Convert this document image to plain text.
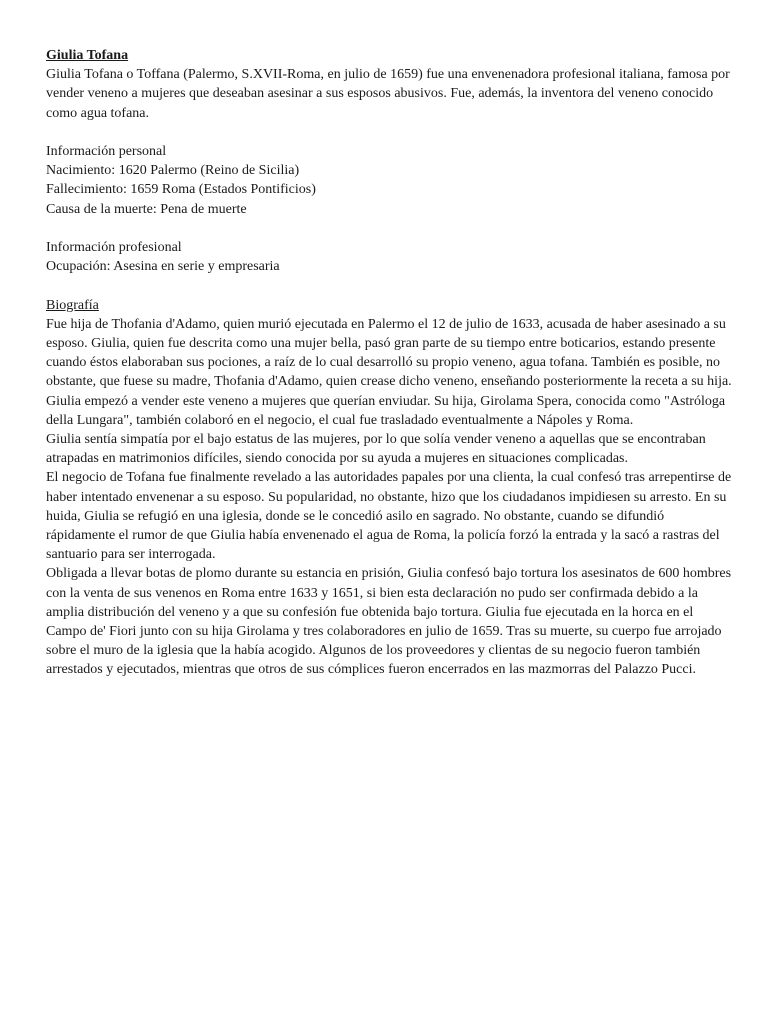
Giulia Tofana

Giulia Tofana o Toffana (Palermo, S.XVII-Roma, en julio de 1659) fue una envenenadora profesional italiana, famosa por vender veneno a mujeres que deseaban asesinar a sus esposos abusivos. Fue, además, la inventora del veneno conocido como agua tofana.

Información personal

Nacimiento: 1620 Palermo (Reino de Sicilia)

Fallecimiento: 1659 Roma (Estados Pontificios)

Causa de la muerte: Pena de muerte

Información profesional

Ocupación: Asesina en serie y empresaria

Biografía

Fue hija de Thofania d'Adamo, quien murió ejecutada en Palermo el 12 de julio de 1633, acusada de haber asesinado a su esposo. Giulia, quien fue descrita como una mujer bella, pasó gran parte de su tiempo entre boticarios, estando presente cuando éstos elaboraban sus pociones, a raíz de lo cual desarrolló su propio veneno, agua tofana. También es posible, no obstante, que fuese su madre, Thofania d'Adamo, quien crease dicho veneno, enseñando posteriormente la receta a su hija. Giulia empezó a vender este veneno a mujeres que querían enviudar. Su hija, Girolama Spera, conocida como "Astróloga della Lungara", también colaboró en el negocio, el cual fue trasladado eventualmente a Nápoles y Roma.

Giulia sentía simpatía por el bajo estatus de las mujeres, por lo que solía vender veneno a aquellas que se encontraban atrapadas en matrimonios difíciles, siendo conocida por su ayuda a mujeres en situaciones complicadas.

El negocio de Tofana fue finalmente revelado a las autoridades papales por una clienta, la cual confesó tras arrepentirse de haber intentado envenenar a su esposo. Su popularidad, no obstante, hizo que los ciudadanos impidiesen su arresto. En su huida, Giulia se refugió en una iglesia, donde se le concedió asilo en sagrado. No obstante, cuando se difundió rápidamente el rumor de que Giulia había envenenado el agua de Roma, la policía forzó la entrada y la sacó a rastras del santuario para ser interrogada.

Obligada a llevar botas de plomo durante su estancia en prisión, Giulia confesó bajo tortura los asesinatos de 600 hombres con la venta de sus venenos en Roma entre 1633 y 1651, si bien esta declaración no pudo ser confirmada debido a la amplia distribución del veneno y a que su confesión fue obtenida bajo tortura. Giulia fue ejecutada en la horca en el Campo de' Fiori junto con su hija Girolama y tres colaboradores en julio de 1659. Tras su muerte, su cuerpo fue arrojado sobre el muro de la iglesia que la había acogido. Algunos de los proveedores y clientas de su negocio fueron también arrestados y ejecutados, mientras que otros de sus cómplices fueron encerrados en las mazmorras del Palazzo Pucci.
